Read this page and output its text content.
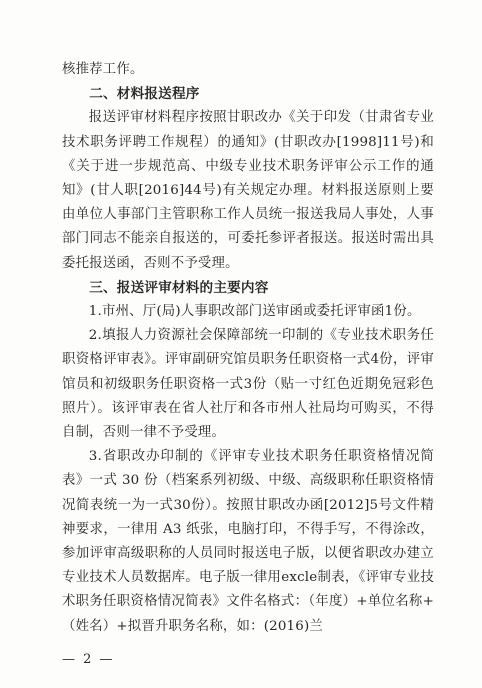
核推荐工作。

二、材料报送程序

报送评审材料程序按照甘职改办《关于印发（甘肃省专业技术职务评聘工作规程）的通知》(甘职改办[1998]11号)和《关于进一步规范高、中级专业技术职务评审公示工作的通知》(甘人职[2016]44号)有关规定办理。材料报送原则上要由单位人事部门主管职称工作人员统一报送我局人事处，人事部门同志不能亲自报送的，可委托参评者报送。报送时需出具委托报送函，否则不予受理。

三、报送评审材料的主要内容

1.市州、厅(局)人事职改部门送审函或委托评审函1份。

2.填报人力资源社会保障部统一印制的《专业技术职务任职资格评审表》。评审副研究馆员职务任职资格一式4份，评审馆员和初级职务任职资格一式3份（贴一寸红色近期免冠彩色照片）。该评审表在省人社厅和各市州人社局均可购买，不得自制，否则一律不予受理。

3.省职改办印制的《评审专业技术职务任职资格情况简表》一式 30 份（档案系列初级、中级、高级职称任职资格情况简表统一为一式30份）。按照甘职改办函[2012]5号文件精神要求，一律用 A3 纸张，电脑打印，不得手写，不得涂改，参加评审高级职称的人员同时报送电子版，以便省职改办建立专业技术人员数据库。电子版一律用excle制表，《评审专业技术职务任职资格情况简表》文件名格式：（年度）+单位名称+（姓名）+拟晋升职务名称，如：(2016)兰

— 2 —
